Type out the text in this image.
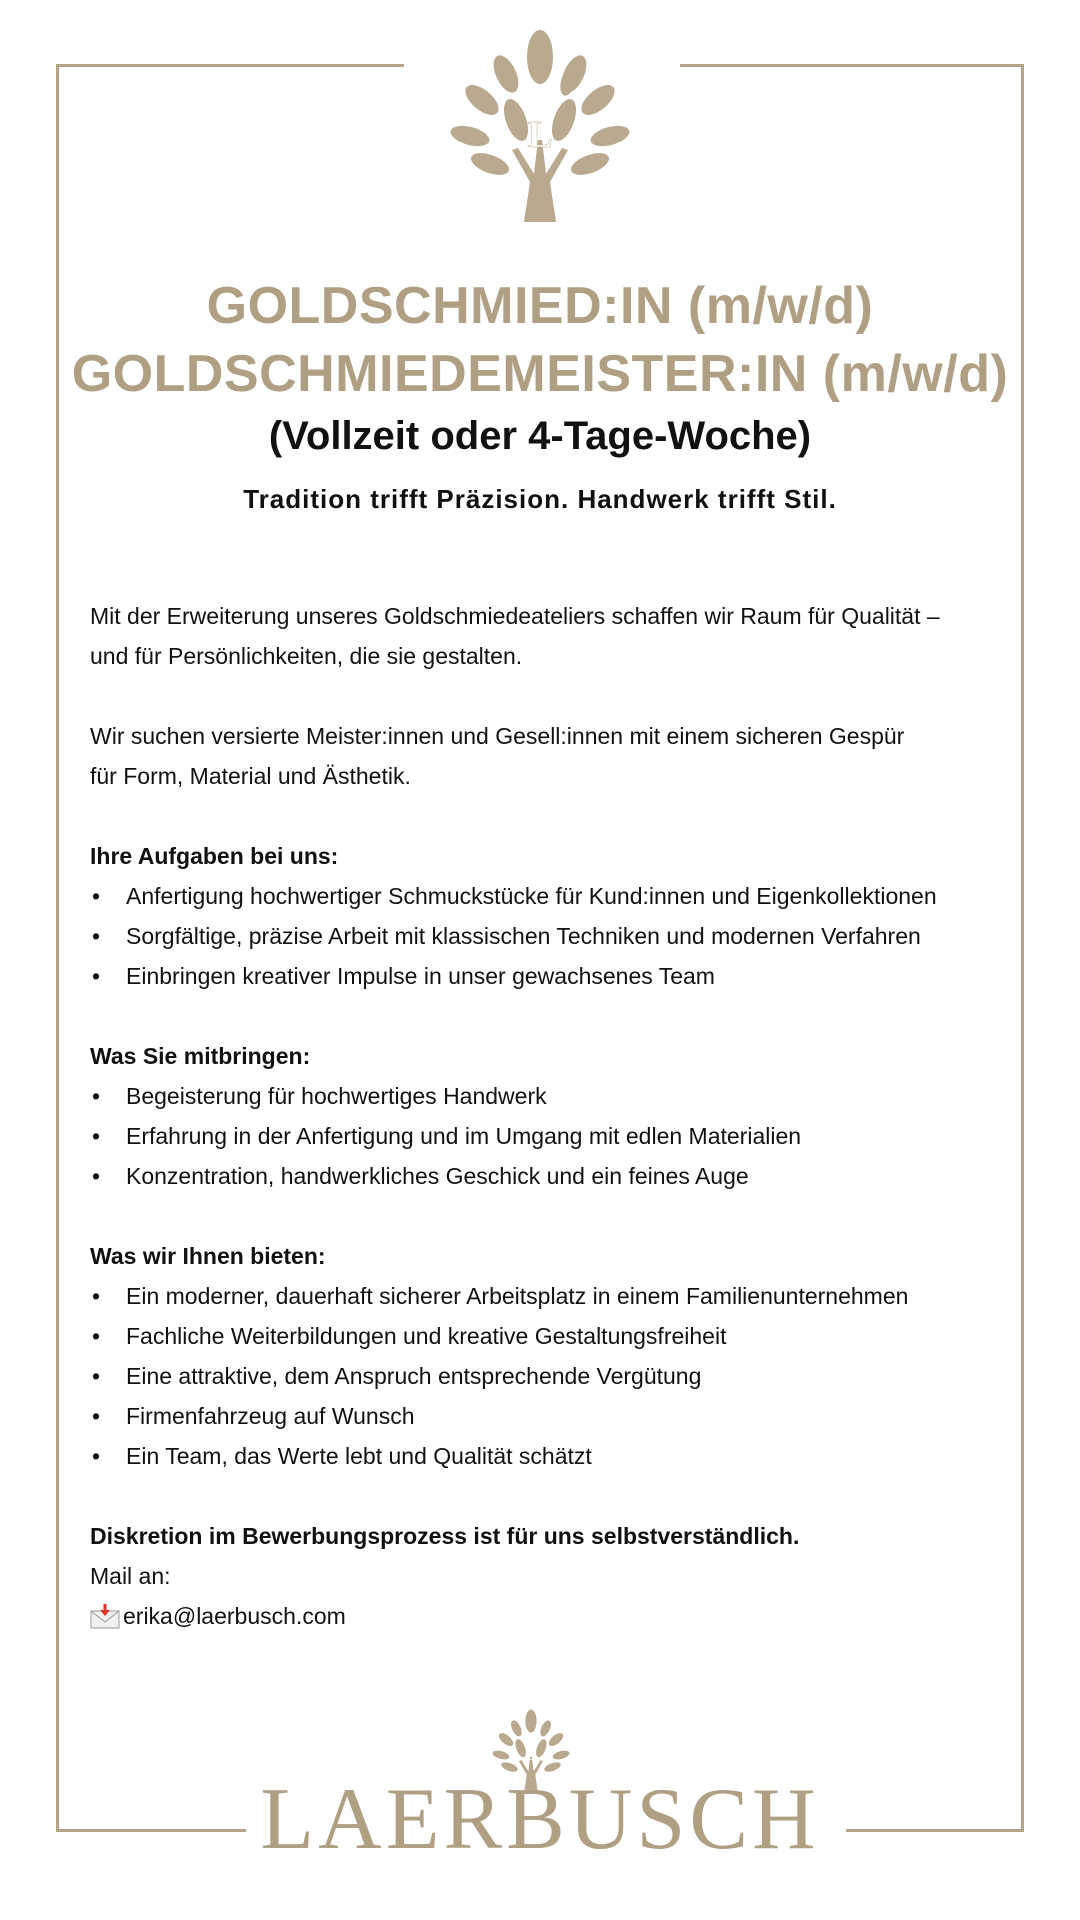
L
GOLDSCHMIED:IN (m/w/d)
GOLDSCHMIEDEMEISTER:IN (m/w/d)
(Vollzeit oder 4-Tage-Woche)
Tradition trifft Präzision. Handwerk trifft Stil.

Mit der Erweiterung unseres Goldschmiedeateliers schaffen wir Raum für Qualität –

und für Persönlichkeiten, die sie gestalten.

Wir suchen versierte Meister:innen und Gesell:innen mit einem sicheren Gespür

für Form, Material und Ästhetik.

Ihre Aufgaben bei uns:

• Anfertigung hochwertiger Schmuckstücke für Kund:innen und Eigenkollektionen
• Sorgfältige, präzise Arbeit mit klassischen Techniken und modernen Verfahren
• Einbringen kreativer Impulse in unser gewachsenes Team

Was Sie mitbringen:

• Begeisterung für hochwertiges Handwerk
• Erfahrung in der Anfertigung und im Umgang mit edlen Materialien
• Konzentration, handwerkliches Geschick und ein feines Auge

Was wir Ihnen bieten:

• Ein moderner, dauerhaft sicherer Arbeitsplatz in einem Familienunternehmen
• Fachliche Weiterbildungen und kreative Gestaltungsfreiheit
• Eine attraktive, dem Anspruch entsprechende Vergütung
• Firmenfahrzeug auf Wunsch
• Ein Team, das Werte lebt und Qualität schätzt

Diskretion im Bewerbungsprozess ist für uns selbstverständlich.

Mail an:

erika@laerbusch.com
L
LAERBUSCH
